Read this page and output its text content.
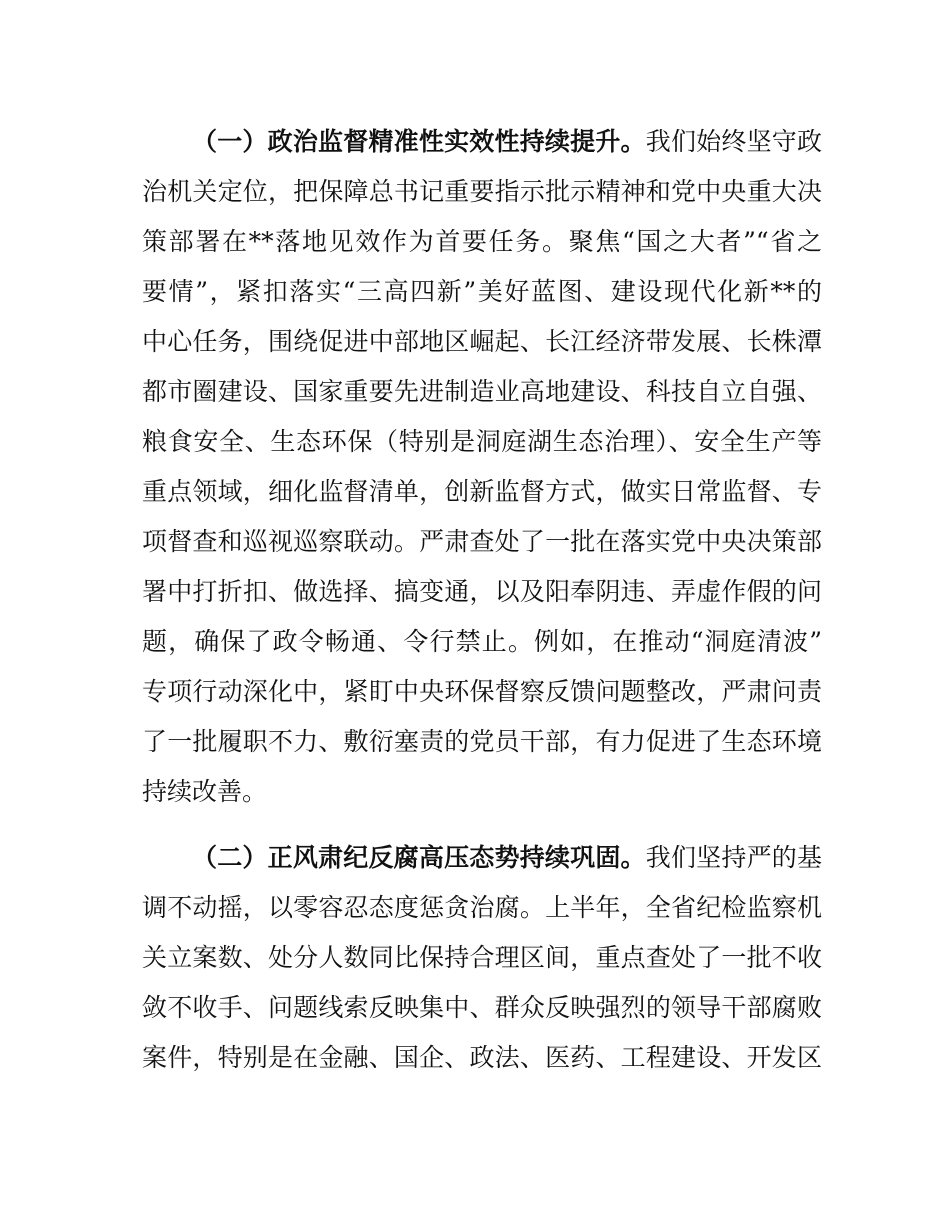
（一）政治监督精准性实效性持续提升。我们始终坚守政
治机关定位，把保障总书记重要指示批示精神和党中央重大决
策部署在**落地见效作为首要任务。聚焦“国之大者”“省之
要情”，紧扣落实“三高四新”美好蓝图、建设现代化新**的
中心任务，围绕促进中部地区崛起、长江经济带发展、长株潭
都市圈建设、国家重要先进制造业高地建设、科技自立自强、
粮食安全、生态环保（特别是洞庭湖生态治理）、安全生产等
重点领域，细化监督清单，创新监督方式，做实日常监督、专
项督查和巡视巡察联动。严肃查处了一批在落实党中央决策部
署中打折扣、做选择、搞变通，以及阳奉阴违、弄虚作假的问
题，确保了政令畅通、令行禁止。例如，在推动“洞庭清波”
专项行动深化中，紧盯中央环保督察反馈问题整改，严肃问责
了一批履职不力、敷衍塞责的党员干部，有力促进了生态环境
持续改善。
（二）正风肃纪反腐高压态势持续巩固。我们坚持严的基
调不动摇，以零容忍态度惩贪治腐。上半年，全省纪检监察机
关立案数、处分人数同比保持合理区间，重点查处了一批不收
敛不收手、问题线索反映集中、群众反映强烈的领导干部腐败
案件，特别是在金融、国企、政法、医药、工程建设、开发区
